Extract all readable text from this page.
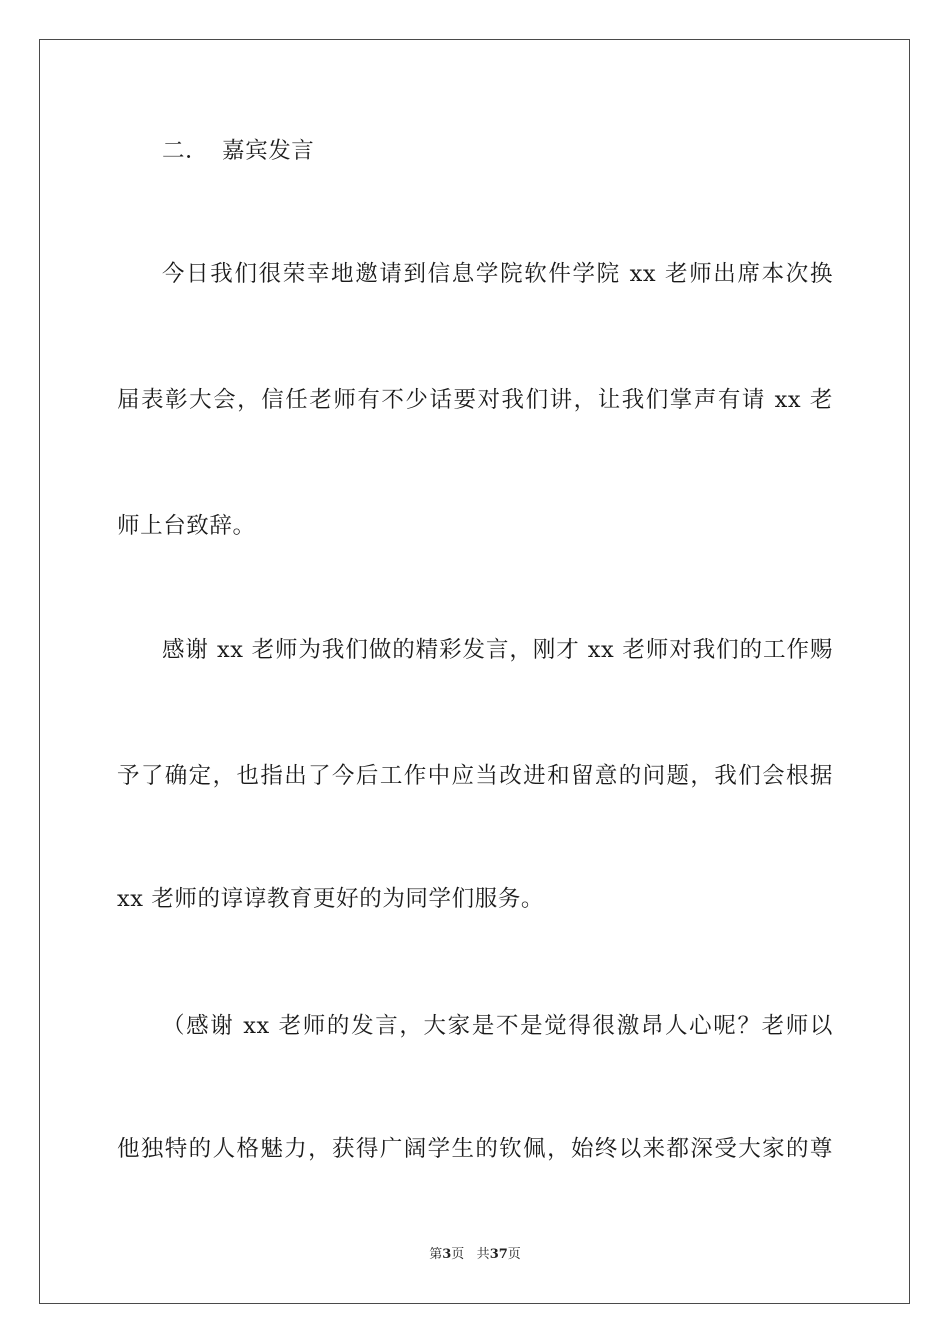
二． 嘉宾发言
今日我们很荣幸地邀请到信息学院软件学院 xx 老师出席本次换
届表彰大会，信任老师有不少话要对我们讲，让我们掌声有请 xx 老
师上台致辞。
感谢 xx 老师为我们做的精彩发言，刚才 xx 老师对我们的工作赐
予了确定，也指出了今后工作中应当改进和留意的问题，我们会根据
xx 老师的谆谆教育更好的为同学们服务。
（感谢 xx 老师的发言，大家是不是觉得很激昂人心呢？老师以
他独特的人格魅力，获得广阔学生的钦佩，始终以来都深受大家的尊
第3页 共37页
